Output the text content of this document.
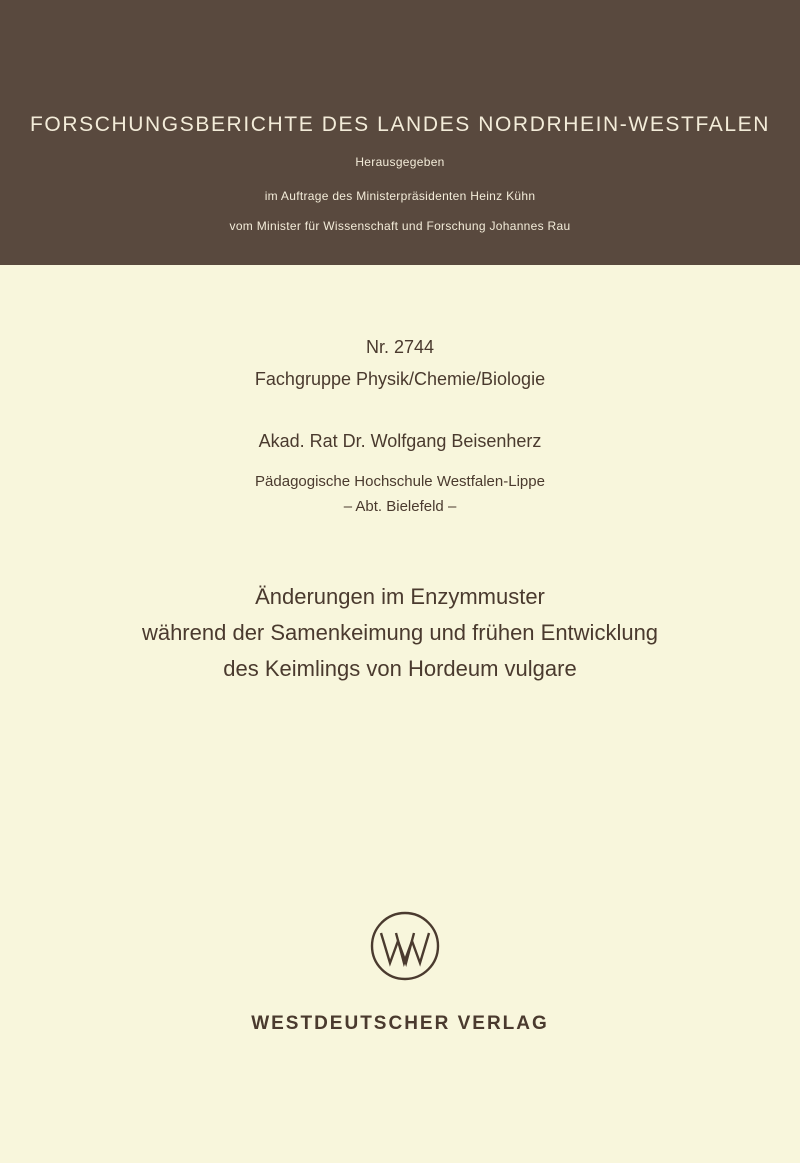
FORSCHUNGSBERICHTE DES LANDES NORDRHEIN-WESTFALEN
Herausgegeben
im Auftrage des Ministerpräsidenten Heinz Kühn
vom Minister für Wissenschaft und Forschung Johannes Rau
Nr. 2744
Fachgruppe Physik/Chemie/Biologie
Akad. Rat Dr. Wolfgang Beisenherz
Pädagogische Hochschule Westfalen-Lippe
– Abt. Bielefeld –
Änderungen im Enzymmuster
während der Samenkeimung und frühen Entwicklung
des Keimlings von Hordeum vulgare
WESTDEUTSCHER VERLAG
